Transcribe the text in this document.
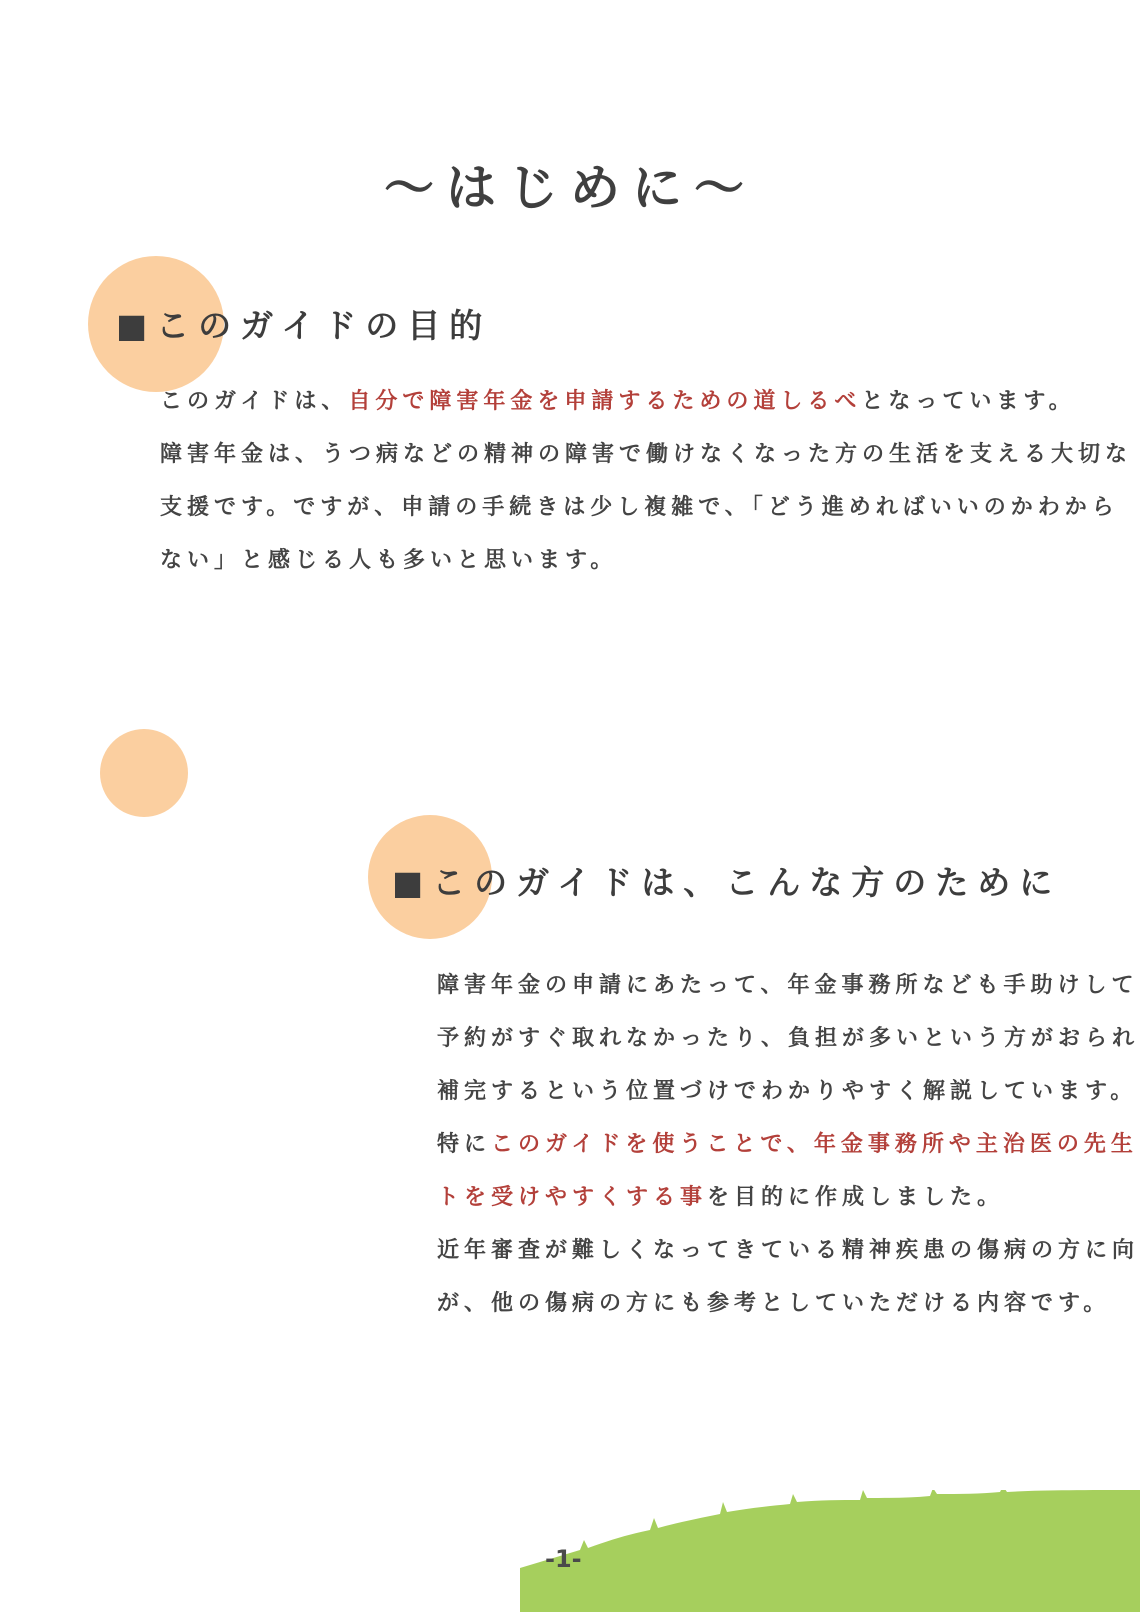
～はじめに～
■このガイドの目的
このガイドは、自分で障害年金を申請するための道しるべとなっています。
障害年金は、うつ病などの精神の障害で働けなくなった方の生活を支える大切な
支援です。ですが、申請の手続きは少し複雑で、「どう進めればいいのかわから
ない」と感じる人も多いと思います。
■このガイドは、こんな方のために
障害年金の申請にあたって、年金事務所なども手助けして
予約がすぐ取れなかったり、負担が多いという方がおられ
補完するという位置づけでわかりやすく解説しています。
特にこのガイドを使うことで、年金事務所や主治医の先生
トを受けやすくする事を目的に作成しました。
近年審査が難しくなってきている精神疾患の傷病の方に向
が、他の傷病の方にも参考としていただける内容です。
-1-
